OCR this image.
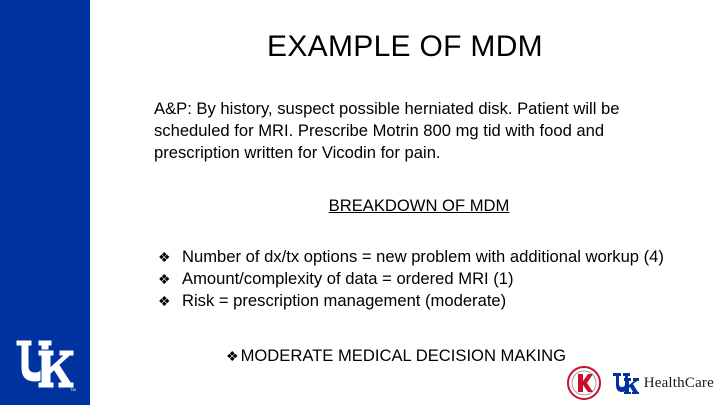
TM
EXAMPLE OF MDM
A&P: By history, suspect possible herniated disk. Patient will be scheduled for MRI. Prescribe Motrin 800 mg tid with food and prescription written for Vicodin for pain.
BREAKDOWN OF MDM
❖ Number of dx/tx options = new problem with additional workup (4)
❖ Amount/complexity of data = ordered MRI (1)
❖ Risk = prescription management (moderate)
❖ MODERATE MEDICAL DECISION MAKING
HealthCare
